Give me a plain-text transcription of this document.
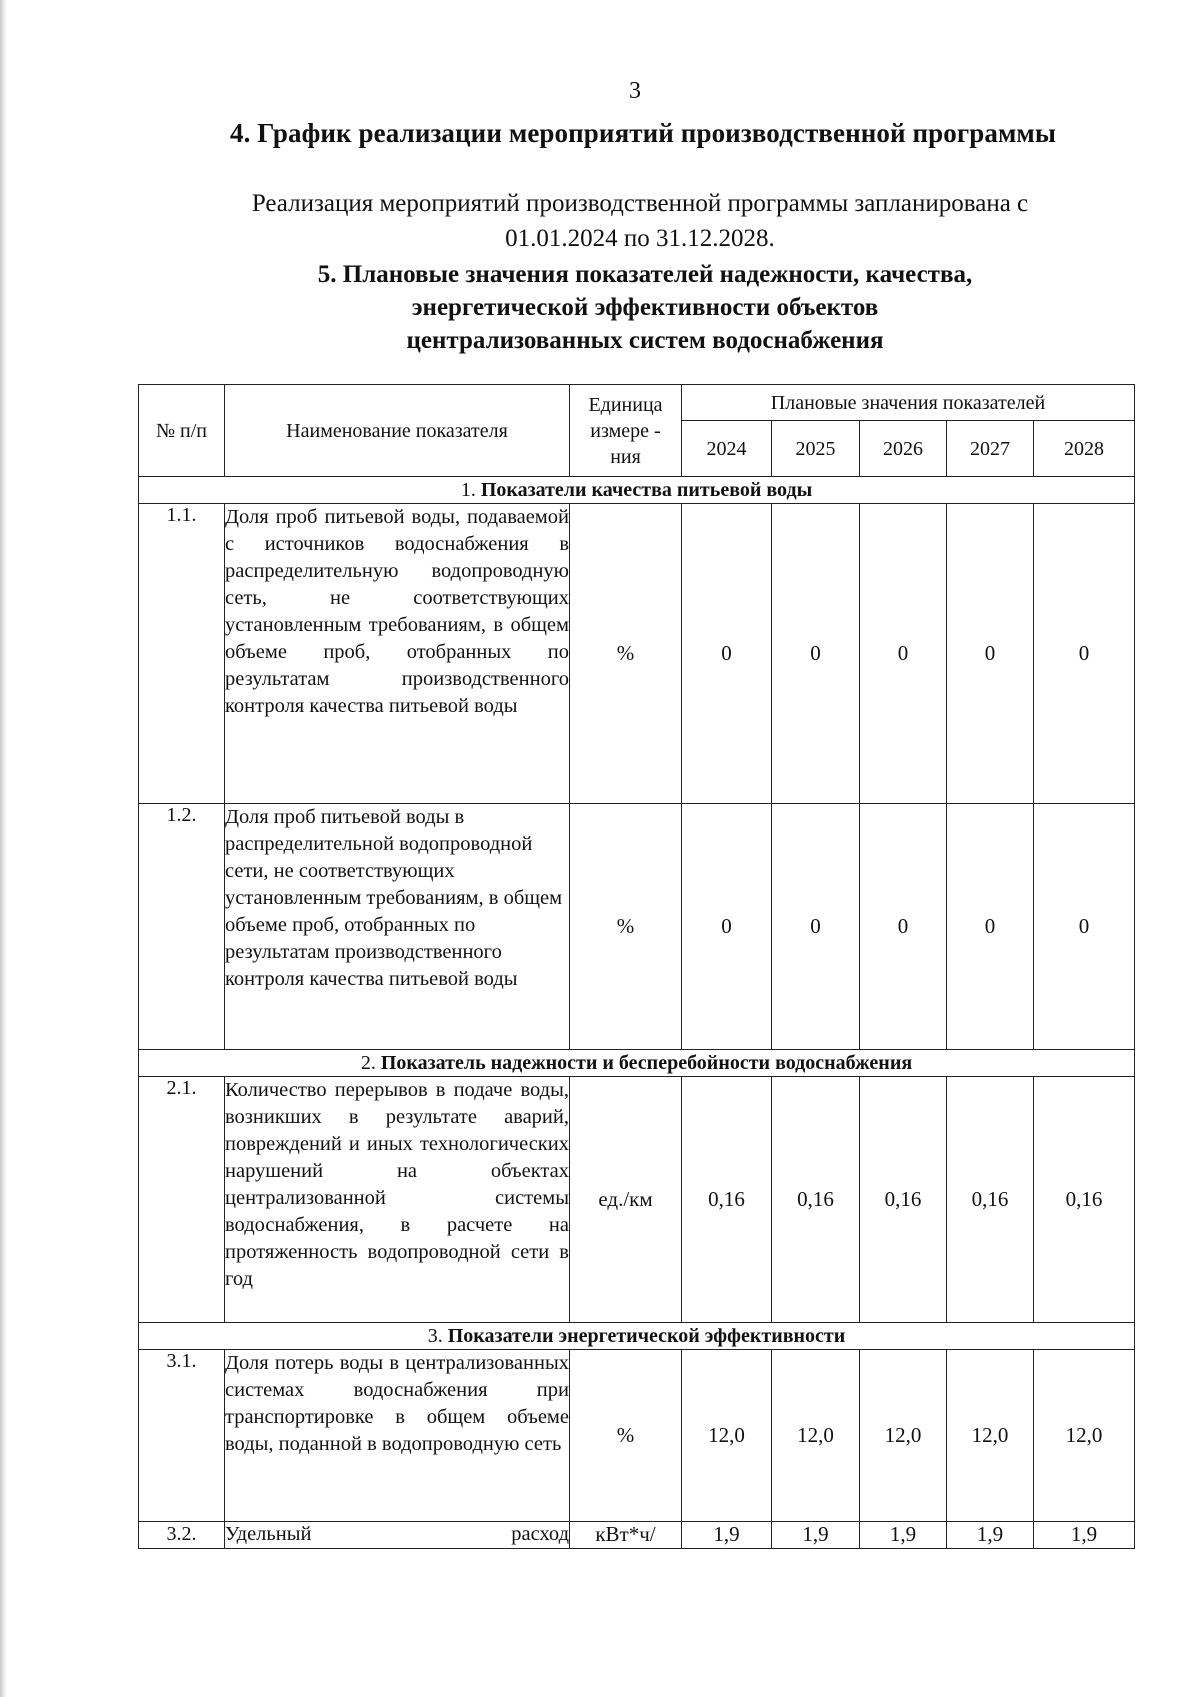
3
4. График реализации мероприятий производственной программы
Реализация мероприятий производственной программы запланирована с 01.01.2024 по 31.12.2028.
5. Плановые значения показателей надежности, качества,
энергетической эффективности объектов
централизованных систем водоснабжения
№ п/п	Наименование показателя	Единица измере - ния	Плановые значения показателей				
			2024	2025	2026	2027	2028
1. Показатели качества питьевой воды							
1.1.	Доля проб питьевой воды, подаваемой с источников водоснабжения в распределительную водопроводную сеть, не соответствующих установленным требованиям, в общем объеме проб, отобранных по результатам производственного контроля качества питьевой воды	%	0	0	0	0	0
1.2.	Доля проб питьевой воды в распределительной водопроводной сети, не соответствующих установленным требованиям, в общем объеме проб, отобранных по результатам производственного контроля качества питьевой воды	%	0	0	0	0	0
2. Показатель надежности и бесперебойности водоснабжения							
2.1.	Количество перерывов в подаче воды, возникших в результате аварий, повреждений и иных технологических нарушений на объектах централизованной системы водоснабжения, в расчете на протяженность водопроводной сети в год	ед./км	0,16	0,16	0,16	0,16	0,16
3. Показатели энергетической эффективности							
3.1.	Доля потерь воды в централизованных системах водоснабжения при транспортировке в общем объеме воды, поданной в водопроводную сеть	%	12,0	12,0	12,0	12,0	12,0
3.2.	Удельный расход	кВт*ч/	1,9	1,9	1,9	1,9	1,9
